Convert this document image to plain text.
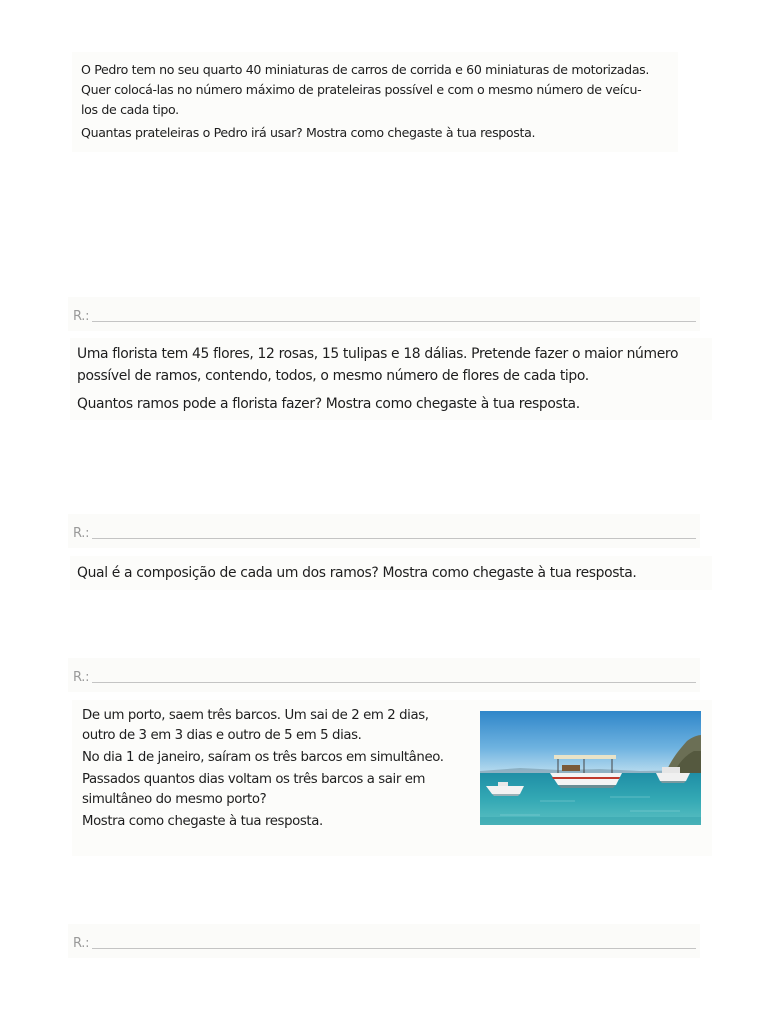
O Pedro tem no seu quarto 40 miniaturas de carros de corrida e 60 miniaturas de motorizadas.

Quer colocá-las no número máximo de prateleiras possível e com o mesmo número de veícu-

los de cada tipo.

Quantas prateleiras o Pedro irá usar? Mostra como chegaste à tua resposta.

R.:

Uma florista tem 45 flores, 12 rosas, 15 tulipas e 18 dálias. Pretende fazer o maior número

possível de ramos, contendo, todos, o mesmo número de flores de cada tipo.

Quantos ramos pode a florista fazer? Mostra como chegaste à tua resposta.

R.:

Qual é a composição de cada um dos ramos? Mostra como chegaste à tua resposta.

R.:

De um porto, saem três barcos. Um sai de 2 em 2 dias,

outro de 3 em 3 dias e outro de 5 em 5 dias.

No dia 1 de janeiro, saíram os três barcos em simultâneo.

Passados quantos dias voltam os três barcos a sair em

simultâneo do mesmo porto?

Mostra como chegaste à tua resposta.

R.:
